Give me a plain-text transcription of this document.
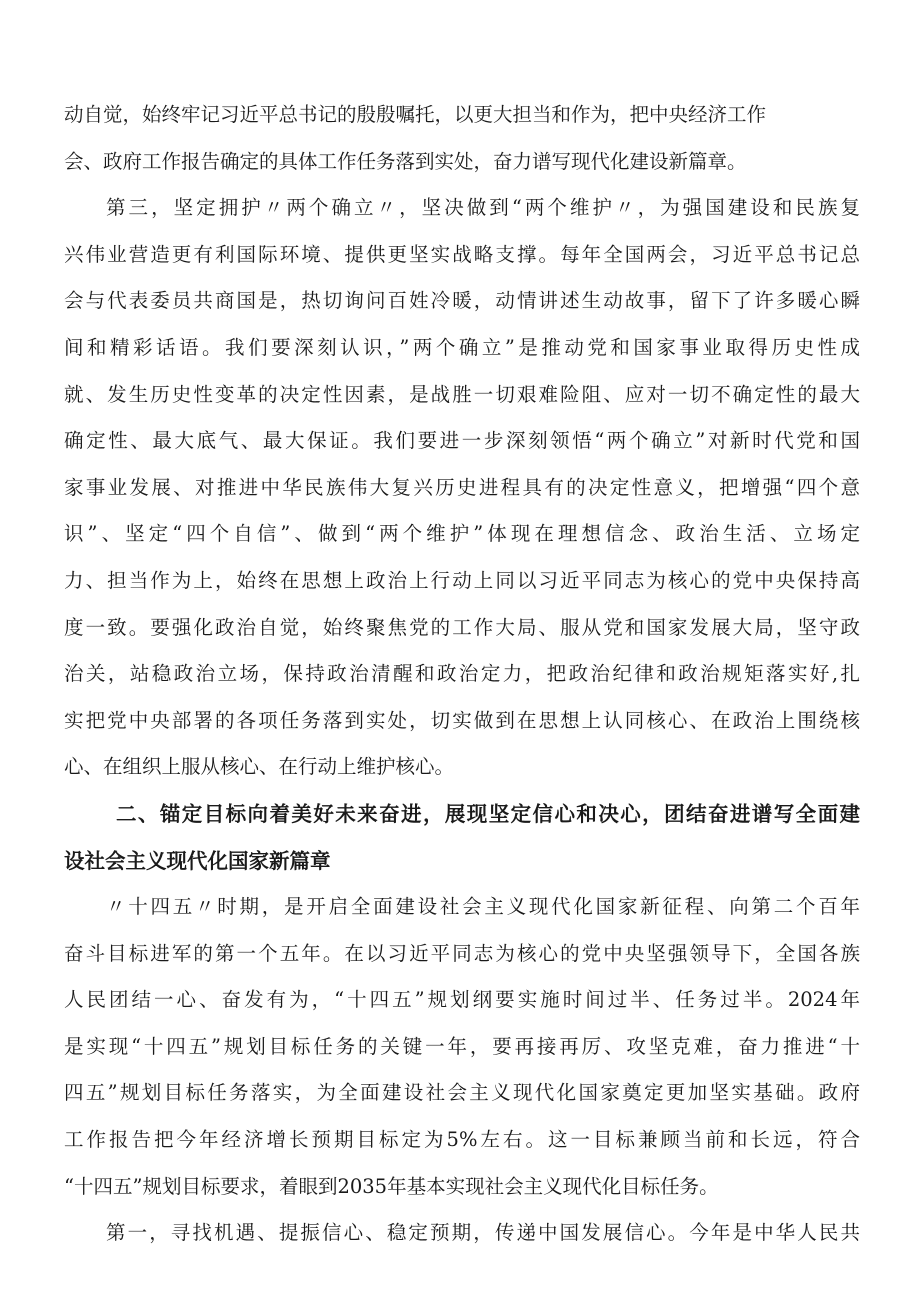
动自觉，始终牢记习近平总书记的殷殷嘱托，以更大担当和作为，把中央经济工作
会、政府工作报告确定的具体工作任务落到实处，奋力谱写现代化建设新篇章。
第三，坚定拥护〃两个确立〃，坚决做到“两个维护〃，为强国建设和民族复
兴伟业营造更有利国际环境、提供更坚实战略支撑。每年全国两会，习近平总书记总
会与代表委员共商国是，热切询问百姓冷暖，动情讲述生动故事，留下了许多暖心瞬
间和精彩话语。我们要深刻认识，”两个确立”是推动党和国家事业取得历史性成
就、发生历史性变革的决定性因素，是战胜一切艰难险阻、应对一切不确定性的最大
确定性、最大底气、最大保证。我们要进一步深刻领悟“两个确立”对新时代党和国
家事业发展、对推进中华民族伟大复兴历史进程具有的决定性意义，把增强“四个意
识”、坚定“四个自信”、做到“两个维护”体现在理想信念、政治生活、立场定
力、担当作为上，始终在思想上政治上行动上同以习近平同志为核心的党中央保持高
度一致。要强化政治自觉，始终聚焦党的工作大局、服从党和国家发展大局，坚守政
治关，站稳政治立场，保持政治清醒和政治定力，把政治纪律和政治规矩落实好,扎
实把党中央部署的各项任务落到实处，切实做到在思想上认同核心、在政治上围绕核
心、在组织上服从核心、在行动上维护核心。
二、锚定目标向着美好未来奋进，展现坚定信心和决心，团结奋进谱写全面建
设社会主义现代化国家新篇章
〃十四五〃时期，是开启全面建设社会主义现代化国家新征程、向第二个百年
奋斗目标进军的第一个五年。在以习近平同志为核心的党中央坚强领导下，全国各族
人民团结一心、奋发有为，“十四五”规划纲要实施时间过半、任务过半。2024年
是实现“十四五”规划目标任务的关键一年，要再接再厉、攻坚克难，奋力推进“十
四五”规划目标任务落实，为全面建设社会主义现代化国家奠定更加坚实基础。政府
工作报告把今年经济增长预期目标定为5%左右。这一目标兼顾当前和长远，符合
“十四五”规划目标要求，着眼到2035年基本实现社会主义现代化目标任务。
第一，寻找机遇、提振信心、稳定预期，传递中国发展信心。今年是中华人民共
